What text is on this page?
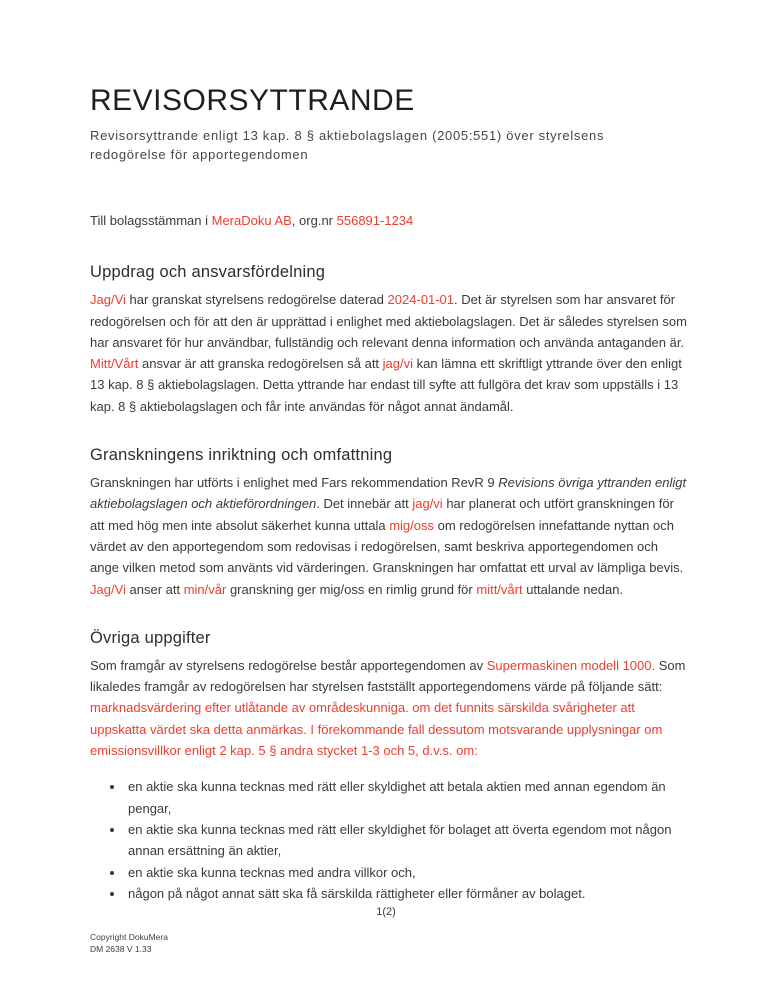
REVISORSYTTRANDE

Revisorsyttrande enligt 13 kap. 8 § aktiebolagslagen (2005:551) över styrelsens redogörelse för apportegendomen

Till bolagsstämman i MeraDoku AB, org.nr 556891-1234

Uppdrag och ansvarsfördelning

Jag/Vi har granskat styrelsens redogörelse daterad 2024-01-01. Det är styrelsen som har ansvaret för redogörelsen och för att den är upprättad i enlighet med aktiebolagslagen. Det är således styrelsen som har ansvaret för hur användbar, fullständig och relevant denna information och använda antaganden är. Mitt/Vårt ansvar är att granska redogörelsen så att jag/vi kan lämna ett skriftligt yttrande över den enligt 13 kap. 8 § aktiebolagslagen. Detta yttrande har endast till syfte att fullgöra det krav som uppställs i 13 kap. 8 § aktiebolagslagen och får inte användas för något annat ändamål.

Granskningens inriktning och omfattning

Granskningen har utförts i enlighet med Fars rekommendation RevR 9 Revisions övriga yttranden enligt aktiebolagslagen och aktieförordningen. Det innebär att jag/vi har planerat och utfört granskningen för att med hög men inte absolut säkerhet kunna uttala mig/oss om redogörelsen innefattande nyttan och värdet av den apportegendom som redovisas i redogörelsen, samt beskriva apportegendomen och ange vilken metod som använts vid värderingen. Granskningen har omfattat ett urval av lämpliga bevis. Jag/Vi anser att min/vår granskning ger mig/oss en rimlig grund för mitt/vårt uttalande nedan.

Övriga uppgifter

Som framgår av styrelsens redogörelse består apportegendomen av Supermaskinen modell 1000. Som likaledes framgår av redogörelsen har styrelsen fastställt apportegendomens värde på följande sätt: marknadsvärdering efter utlåtande av områdeskunniga. om det funnits särskilda svårigheter att uppskatta värdet ska detta anmärkas. I förekommande fall dessutom motsvarande upplysningar om emissionsvillkor enligt 2 kap. 5 § andra stycket 1-3 och 5, d.v.s. om:

• en aktie ska kunna tecknas med rätt eller skyldighet att betala aktien med annan egendom än pengar,
• en aktie ska kunna tecknas med rätt eller skyldighet för bolaget att överta egendom mot någon annan ersättning än aktier,
• en aktie ska kunna tecknas med andra villkor och,
• någon på något annat sätt ska få särskilda rättigheter eller förmåner av bolaget.
1(2)
Copyright DokuMera
DM 2638 V 1.33
